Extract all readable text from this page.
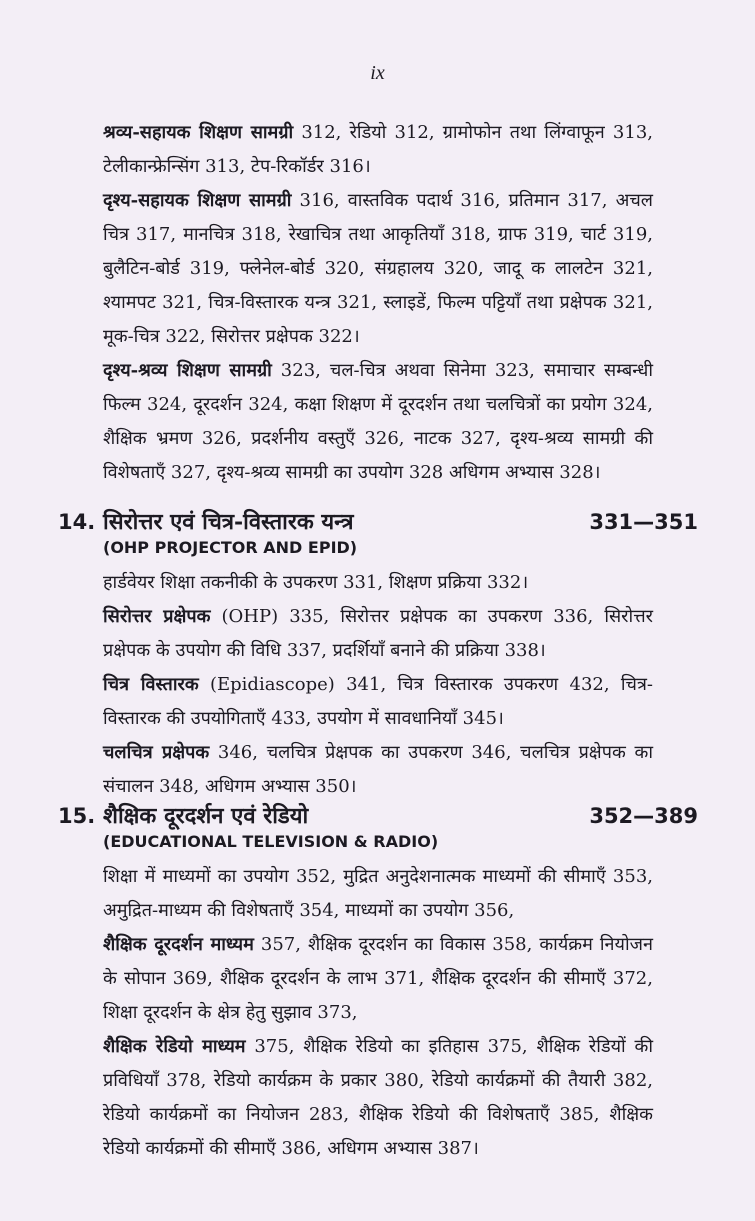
ix

श्रव्य-सहायक शिक्षण सामग्री 312, रेडियो 312, ग्रामोफोन तथा लिंग्वाफून 313, टेलीकान्फ्रेन्सिंग 313, टेप-रिकॉर्डर 316।

दृश्य-सहायक शिक्षण सामग्री 316, वास्तविक पदार्थ 316, प्रतिमान 317, अचल चित्र 317, मानचित्र 318, रेखाचित्र तथा आकृतियाँ 318, ग्राफ 319, चार्ट 319, बुलैटिन-बोर्ड 319, फ्लेनेल-बोर्ड 320, संग्रहालय 320, जादू क लालटेन 321, श्यामपट 321, चित्र-विस्तारक यन्त्र 321, स्लाइडें, फिल्म पट्टियाँ तथा प्रक्षेपक 321, मूक-चित्र 322, सिरोत्तर प्रक्षेपक 322।

दृश्य-श्रव्य शिक्षण सामग्री 323, चल-चित्र अथवा सिनेमा 323, समाचार सम्बन्धी फिल्म 324, दूरदर्शन 324, कक्षा शिक्षण में दूरदर्शन तथा चलचित्रों का प्रयोग 324, शैक्षिक भ्रमण 326, प्रदर्शनीय वस्तुएँ 326, नाटक 327, दृश्य-श्रव्य सामग्री की विशेषताएँ 327, दृश्य-श्रव्य सामग्री का उपयोग 328 अधिगम अभ्यास 328।

14. सिरोत्तर एवं चित्र-विस्तारक यन्त्र	331—351
(OHP PROJECTOR AND EPID)

हार्डवेयर शिक्षा तकनीकी के उपकरण 331, शिक्षण प्रक्रिया 332।

सिरोत्तर प्रक्षेपक (OHP) 335, सिरोत्तर प्रक्षेपक का उपकरण 336, सिरोत्तर प्रक्षेपक के उपयोग की विधि 337, प्रदर्शियाँ बनाने की प्रक्रिया 338।

चित्र विस्तारक (Epidiascope) 341, चित्र विस्तारक उपकरण 432, चित्र-विस्तारक की उपयोगिताएँ 433, उपयोग में सावधानियाँ 345।

चलचित्र प्रक्षेपक 346, चलचित्र प्रेक्षपक का उपकरण 346, चलचित्र प्रक्षेपक का संचालन 348, अधिगम अभ्यास 350।

15. शैक्षिक दूरदर्शन एवं रेडियो	352—389
(EDUCATIONAL TELEVISION & RADIO)

शिक्षा में माध्यमों का उपयोग 352, मुद्रित अनुदेशनात्मक माध्यमों की सीमाएँ 353, अमुद्रित-माध्यम की विशेषताएँ 354, माध्यमों का उपयोग 356,

शैक्षिक दूरदर्शन माध्यम 357, शैक्षिक दूरदर्शन का विकास 358, कार्यक्रम नियोजन के सोपान 369, शैक्षिक दूरदर्शन के लाभ 371, शैक्षिक दूरदर्शन की सीमाएँ 372, शिक्षा दूरदर्शन के क्षेत्र हेतु सुझाव 373,

शैक्षिक रेडियो माध्यम 375, शैक्षिक रेडियो का इतिहास 375, शैक्षिक रेडियों की प्रविधियाँ 378, रेडियो कार्यक्रम के प्रकार 380, रेडियो कार्यक्रमों की तैयारी 382, रेडियो कार्यक्रमों का नियोजन 283, शैक्षिक रेडियो की विशेषताएँ 385, शैक्षिक रेडियो कार्यक्रमों की सीमाएँ 386, अधिगम अभ्यास 387।
